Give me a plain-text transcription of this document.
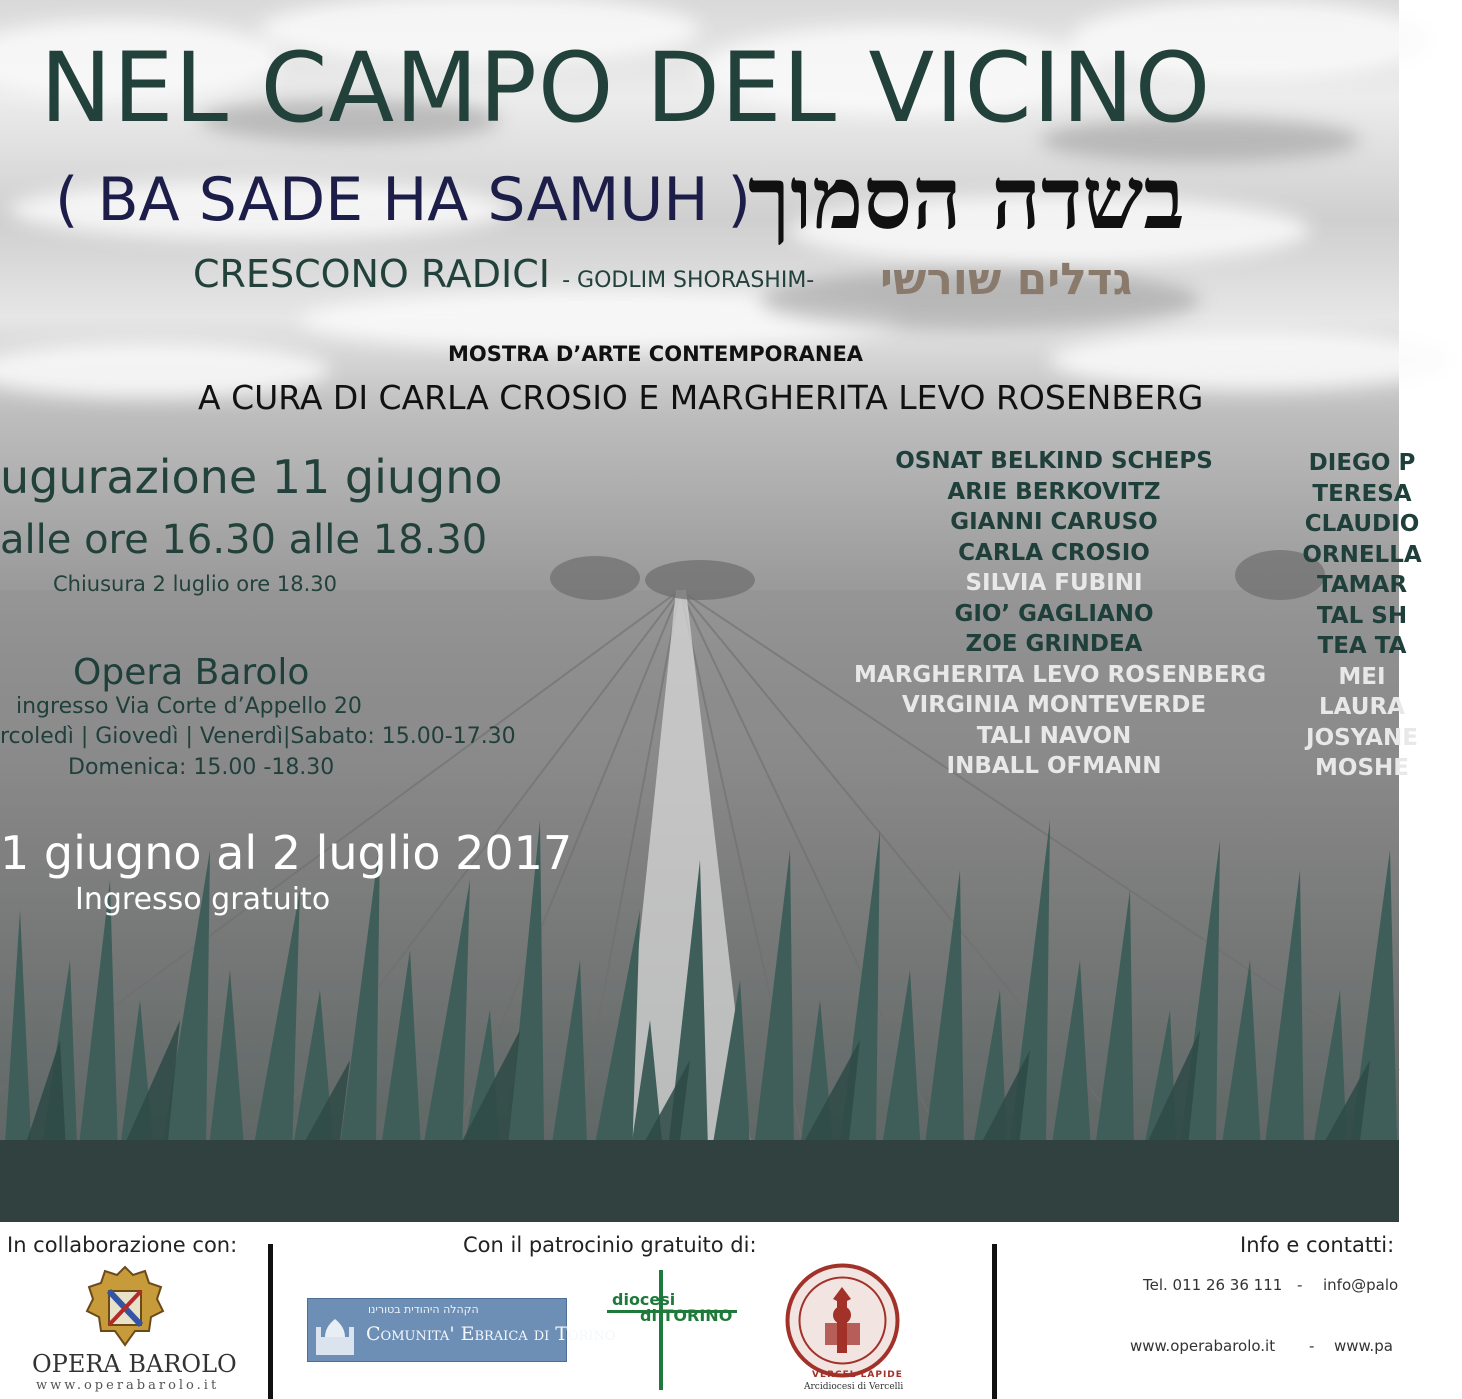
NEL CAMPO DEL VICINO
( BA SADE HA SAMUH )
בשדה הסמוך
CRESCONO RADICI - GODLIM SHORASHIM- גדלים שורשי
MOSTRA D’ARTE CONTEMPORANEA
A CURA DI CARLA CROSIO E MARGHERITA LEVO ROSENBERG
ugurazione 11 giugno
alle ore 16.30 alle 18.30
Chiusura 2 luglio ore 18.30
Opera Barolo
ingresso Via Corte d’Appello 20
rcoledì | Giovedì | Venerdì|Sabato: 15.00-17.30
Domenica: 15.00 -18.30
1 giugno al 2 luglio 2017
Ingresso gratuito
OSNAT BELKIND SCHEPS
ARIE BERKOVITZ
GIANNI CARUSO
CARLA CROSIO
SILVIA FUBINI
GIO’ GAGLIANO
ZOE GRINDEA
MARGHERITA LEVO ROSENBERG
VIRGINIA MONTEVERDE
TALI NAVON
INBALL OFMANN
DIEGO P
TERESA
CLAUDIO
ORNELLA
TAMAR
TAL SH
TEA TA
MEI
LAURA
JOSYANE
MOSHE
In collaborazione con:	Con il patrocinio gratuito di:	Info e contatti:
OPERA BAROLO
www.operabarolo.it
הקהלה היהודית בטורינו
Comunita' Ebraica di Torino
diocesi
di TORINO
VERCEL LAPIDE
Arcidiocesi di Vercelli
Tel. 011 26 36 111 - info@palo
www.operabarolo.it - www.pa
